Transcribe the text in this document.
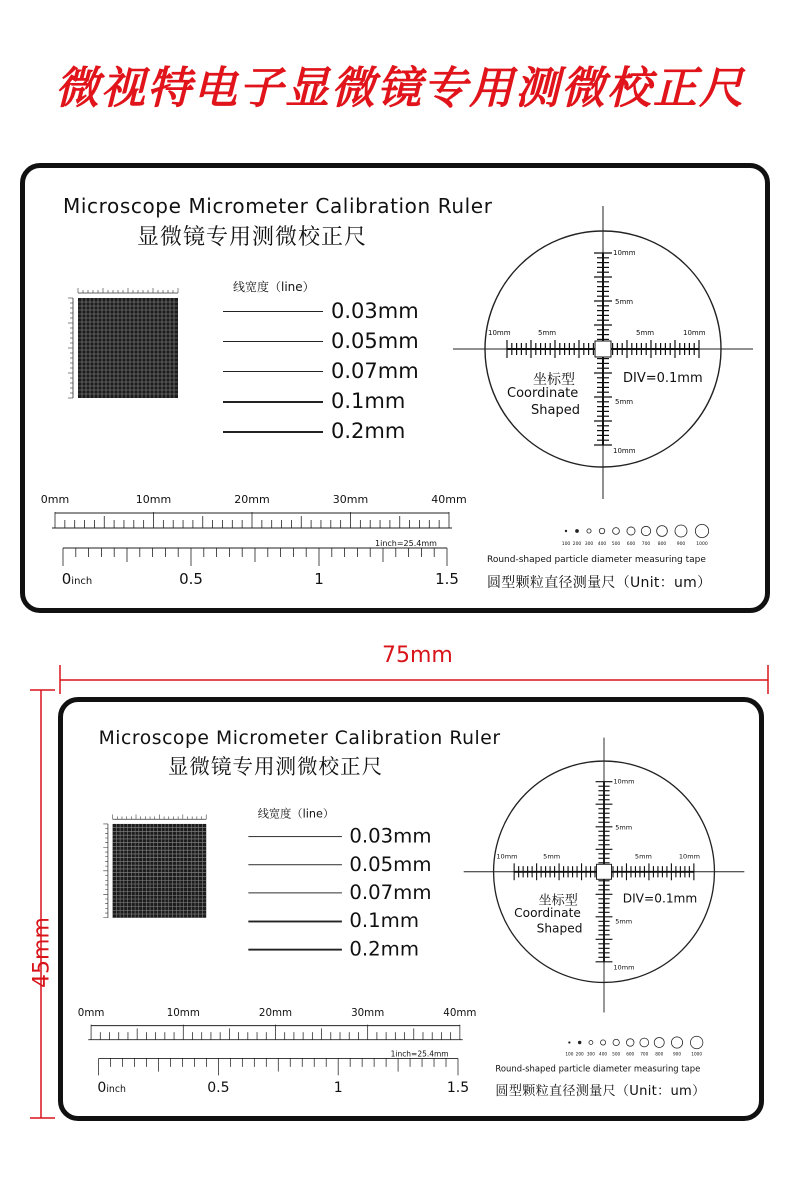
微视特电子显微镜专用测微校正尺
Microscope Micrometer Calibration Ruler
显微镜专用测微校正尺
线宽度（line）
0.03mm
0.05mm
0.07mm
0.1mm
0.2mm
0mm	10mm	20mm	30mm	40mm
0inch	0.5	1	1.5
1inch=25.4mm
10mm
5mm
10mm	5mm	5mm	10mm
5mm
10mm
坐标型
Coordinate
Shaped
DIV=0.1mm
100 200 300 400 500 600 700 800 900 1000
Round-shaped particle diameter measuring tape
圆型颗粒直径测量尺（Unit：um）
75mm
45mm
Microscope Micrometer Calibration Ruler
显微镜专用测微校正尺
线宽度（line）
0.03mm
0.05mm
0.07mm
0.1mm
0.2mm
0mm	10mm	20mm	30mm	40mm
0inch	0.5	1	1.5
1inch=25.4mm
10mm
5mm
10mm	5mm	5mm	10mm
5mm
10mm
坐标型
Coordinate
Shaped
DIV=0.1mm
100 200 300 400 500 600 700 800 900 1000
Round-shaped particle diameter measuring tape
圆型颗粒直径测量尺（Unit：um）
